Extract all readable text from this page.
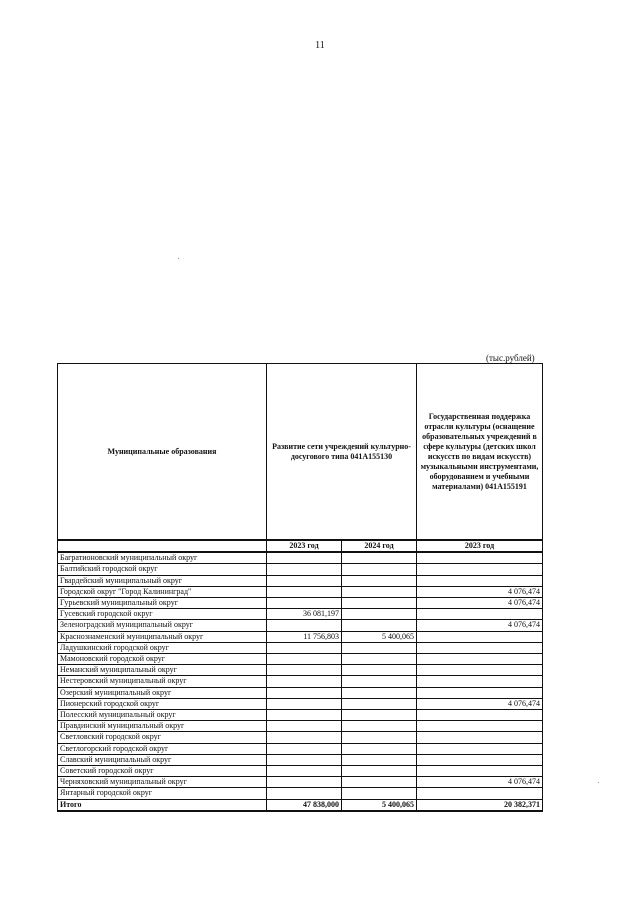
11
(тыс.рублей)
Муниципальные образования	Развитие сети учреждений культурно-досугового типа 041А155130		Государственная поддержка отрасли культуры (оснащение образовательных учреждений в сфере культуры (детских школ искусств по видам искусств) музыкальными инструментами, оборудованием и учебными материалами) 041А155191
	2023 год	2024 год	2023 год
Багратионовский муниципальный округ			
Балтийский городской округ			
Гвардейский муниципальный округ			
Городской округ "Город Калининград"			4 076,474
Гурьевский муниципальный округ			4 076,474
Гусевский городской округ	36 081,197		
Зеленоградский муниципальный округ			4 076,474
Краснознаменский муниципальный округ	11 756,803	5 400,065	
Ладушкинский городской округ			
Мамоновский городской округ			
Неманский муниципальный округ			
Нестеровский муниципальный округ			
Озерский муниципальный округ			
Пионерский городской округ			4 076,474
Полесский муниципальный округ			
Правдинский муниципальный округ			
Светловский городской округ			
Светлогорский городской округ			
Славский муниципальный округ			
Советский городской округ			
Черняховский муниципальный округ			4 076,474
Янтарный городской округ			
Итого	47 838,000	5 400,065	20 382,371
